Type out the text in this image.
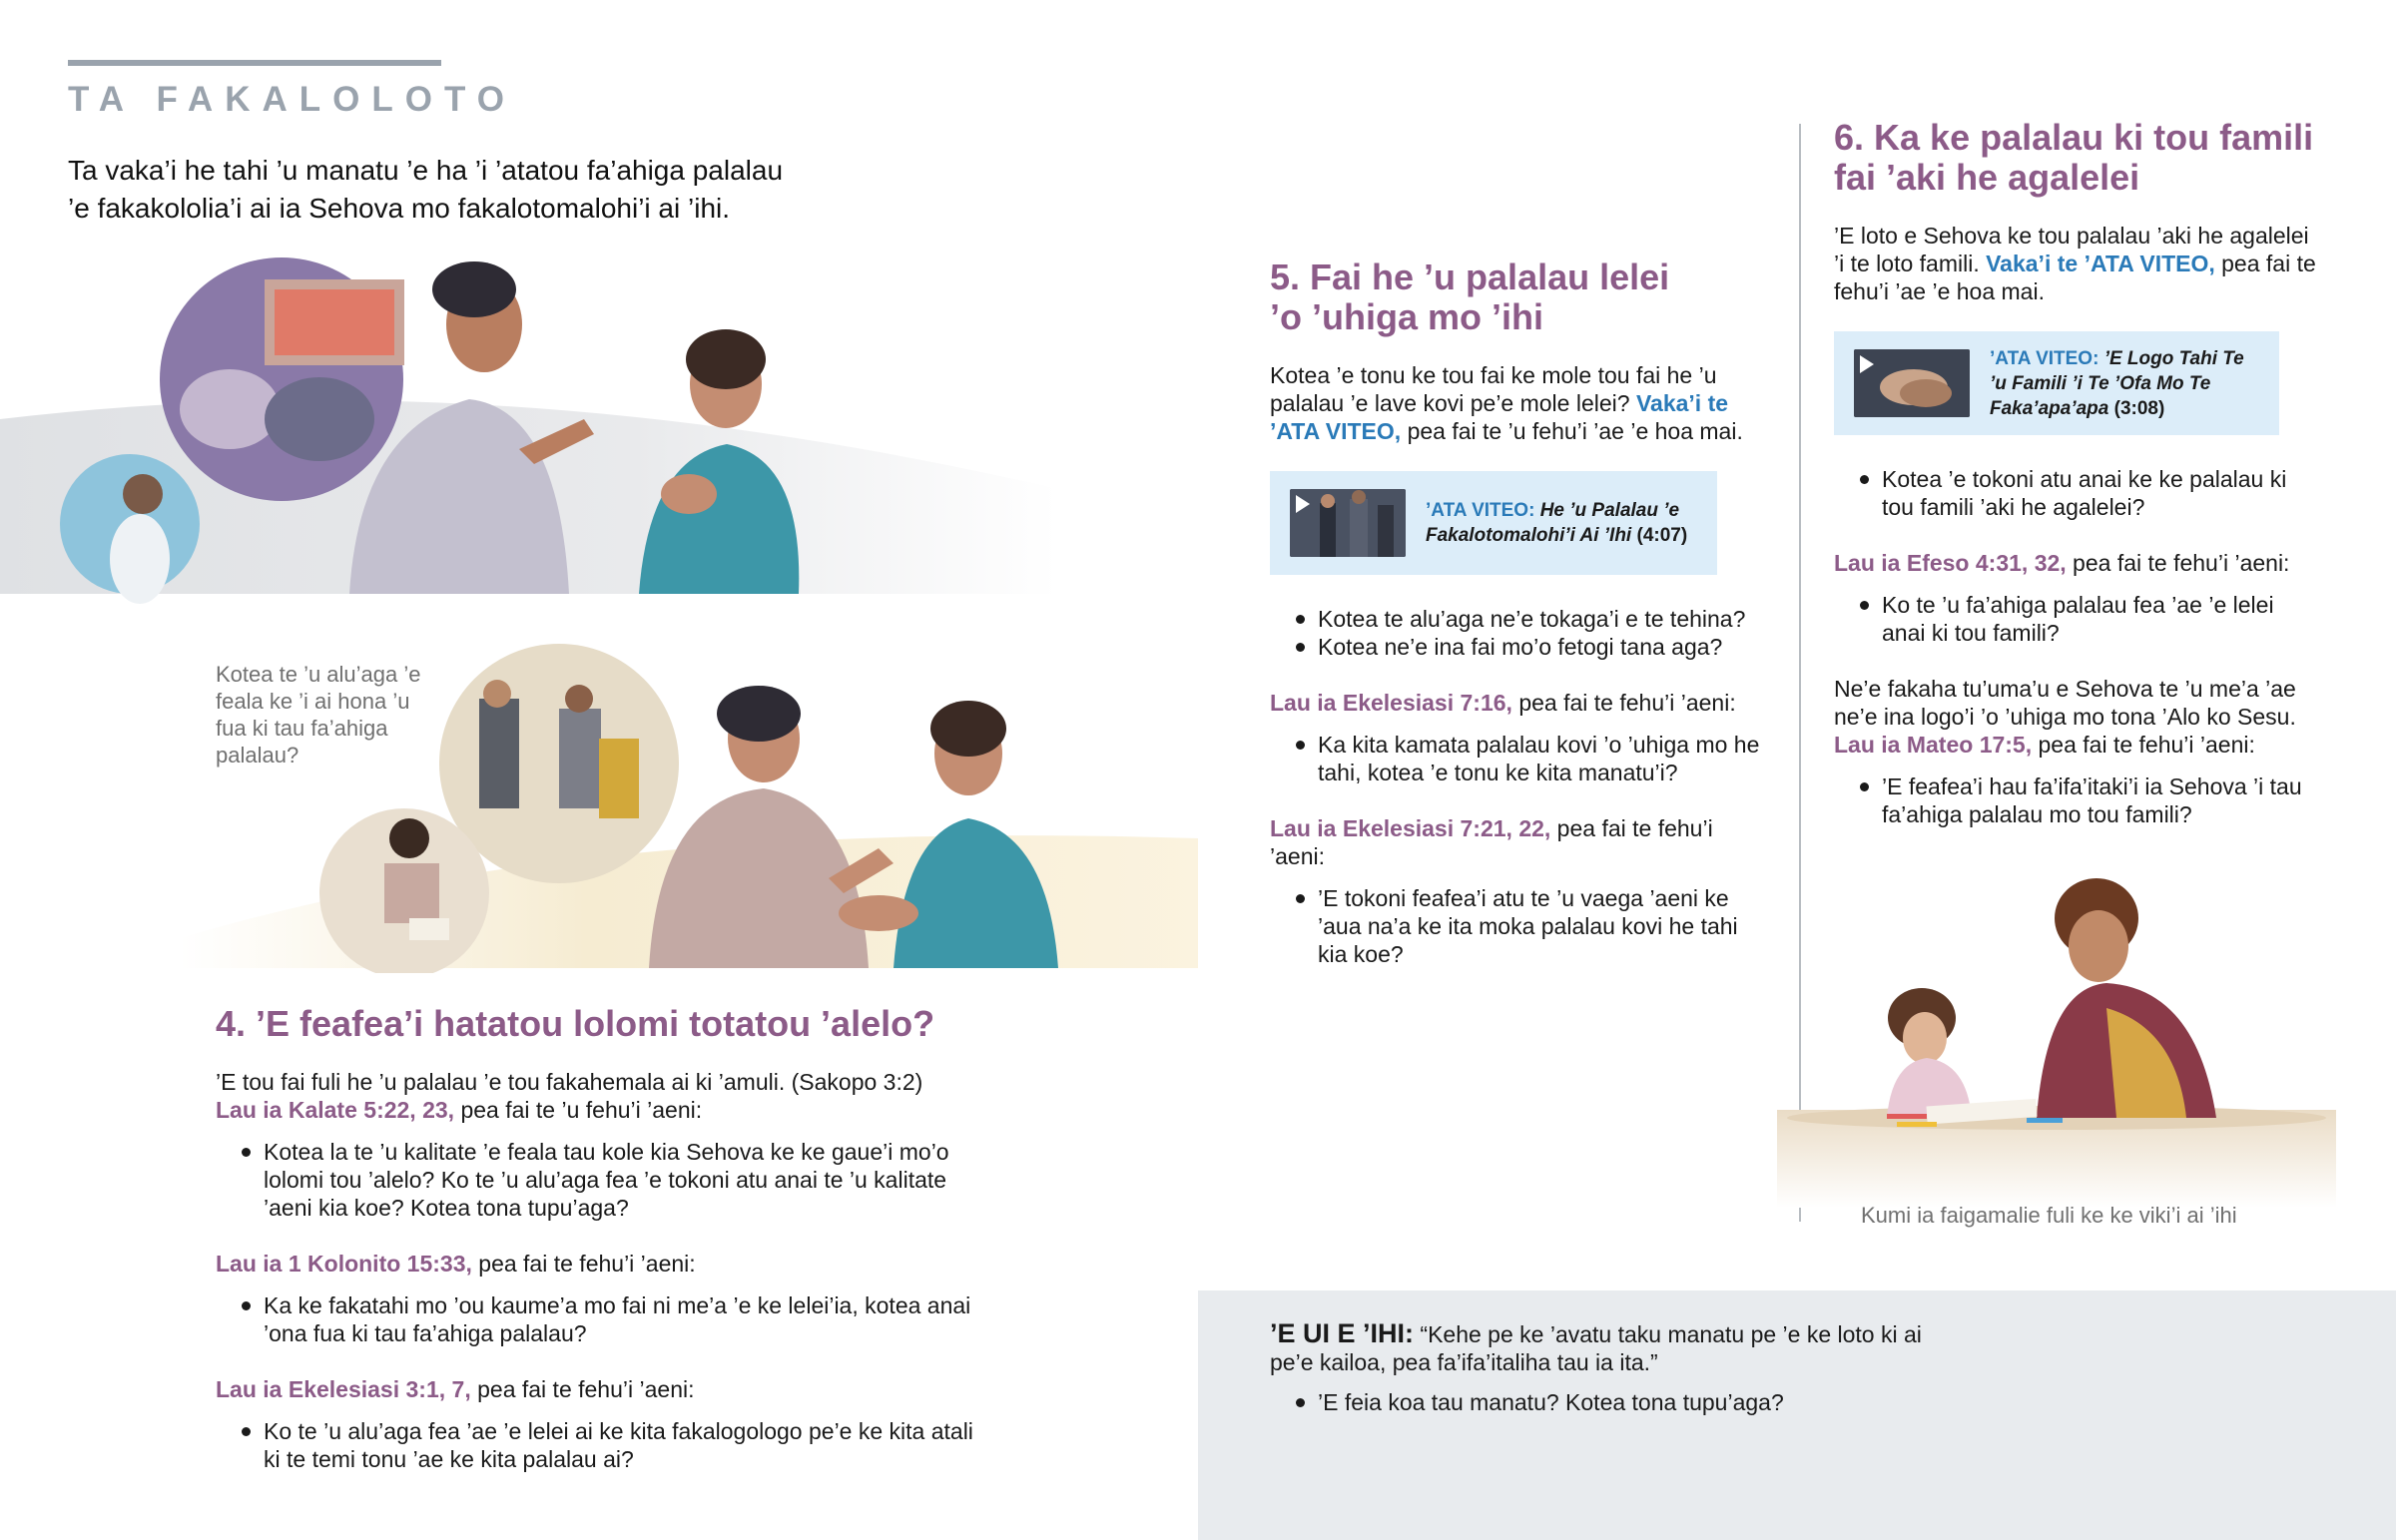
TA FAKALOLOTO
Ta vaka’i he tahi ’u manatu ’e ha ’i ’atatou fa’ahiga palalau
’e fakakololia’i ai ia Sehova mo fakalotomalohi’i ai ’ihi.
Kotea te ’u alu’aga ’e
feala ke ’i ai hona ’u
fua ki tau fa’ahiga
palalau?
4. ’E feafea’i hatatou lolomi totatou ’alelo?

’E tou fai fuli he ’u palalau ’e tou fakahemala ai ki ’amuli. (Sakopo 3:2)

Lau ia Kalate 5:22, 23, pea fai te ’u fehu’i ’aeni:

Kotea la te ’u kalitate ’e feala tau kole kia Sehova ke ke gaue’i mo’o lolomi tou ’alelo? Ko te ’u alu’aga fea ’e tokoni atu anai te ’u kalitate ’aeni kia koe? Kotea tona tupu’aga?

Lau ia 1 Kolonito 15:33, pea fai te fehu’i ’aeni:

Ka ke fakatahi mo ’ou kaume’a mo fai ni me’a ’e ke lelei’ia, kotea anai ’ona fua ki tau fa’ahiga palalau?

Lau ia Ekelesiasi 3:1, 7, pea fai te fehu’i ’aeni:

Ko te ’u alu’aga fea ’ae ’e lelei ai ke kita fakalogologo pe’e ke kita atali ki te temi tonu ’ae ke kita palalau ai?
5. Fai he ’u palalau lelei
’o ’uhiga mo ’ihi

Kotea ’e tonu ke tou fai ke mole tou fai he ’u palalau ’e lave kovi pe’e mole lelei? Vaka’i te ’ATA VITEO, pea fai te ’u fehu’i ’ae ’e hoa mai.

’ATA VITEO: He ’u Palalau ’e Fakalotomalohi’i Ai ’Ihi (4:07)
Kotea te alu’aga ne’e tokaga’i e te tehina?
Kotea ne’e ina fai mo’o fetogi tana aga?

Lau ia Ekelesiasi 7:16, pea fai te fehu’i ’aeni:

Ka kita kamata palalau kovi ’o ’uhiga mo he tahi, kotea ’e tonu ke kita manatu’i?

Lau ia Ekelesiasi 7:21, 22, pea fai te fehu’i ’aeni:

’E tokoni feafea’i atu te ’u vaega ’aeni ke ’aua na’a ke ita moka palalau kovi he tahi kia koe?
6. Ka ke palalau ki tou famili
fai ’aki he agalelei

’E loto e Sehova ke tou palalau ’aki he agalelei ’i te loto famili. Vaka’i te ’ATA VITEO, pea fai te fehu’i ’ae ’e hoa mai.

’ATA VITEO: ’E Logo Tahi Te ’u Famili ’i Te ’Ofa Mo Te Faka’apa’apa (3:08)
Kotea ’e tokoni atu anai ke ke palalau ki tou famili ’aki he agalelei?

Lau ia Efeso 4:31, 32, pea fai te fehu’i ’aeni:

Ko te ’u fa’ahiga palalau fea ’ae ’e lelei anai ki tou famili?

Ne’e fakaha tu’uma’u e Sehova te ’u me’a ’ae ne’e ina logo’i ’o ’uhiga mo tona ’Alo ko Sesu. Lau ia Mateo 17:5, pea fai te fehu’i ’aeni:

’E feafea’i hau fa’ifa’itaki’i ia Sehova ’i tau fa’ahiga palalau mo tou famili?
Kumi ia faigamalie fuli ke ke viki’i ai ’ihi

’E UI E ’IHI: “Kehe pe ke ’avatu taku manatu pe ’e ke loto ki ai pe’e kailoa, pea fa’ifa’italiha tau ia ita.”

’E feia koa tau manatu? Kotea tona tupu’aga?
